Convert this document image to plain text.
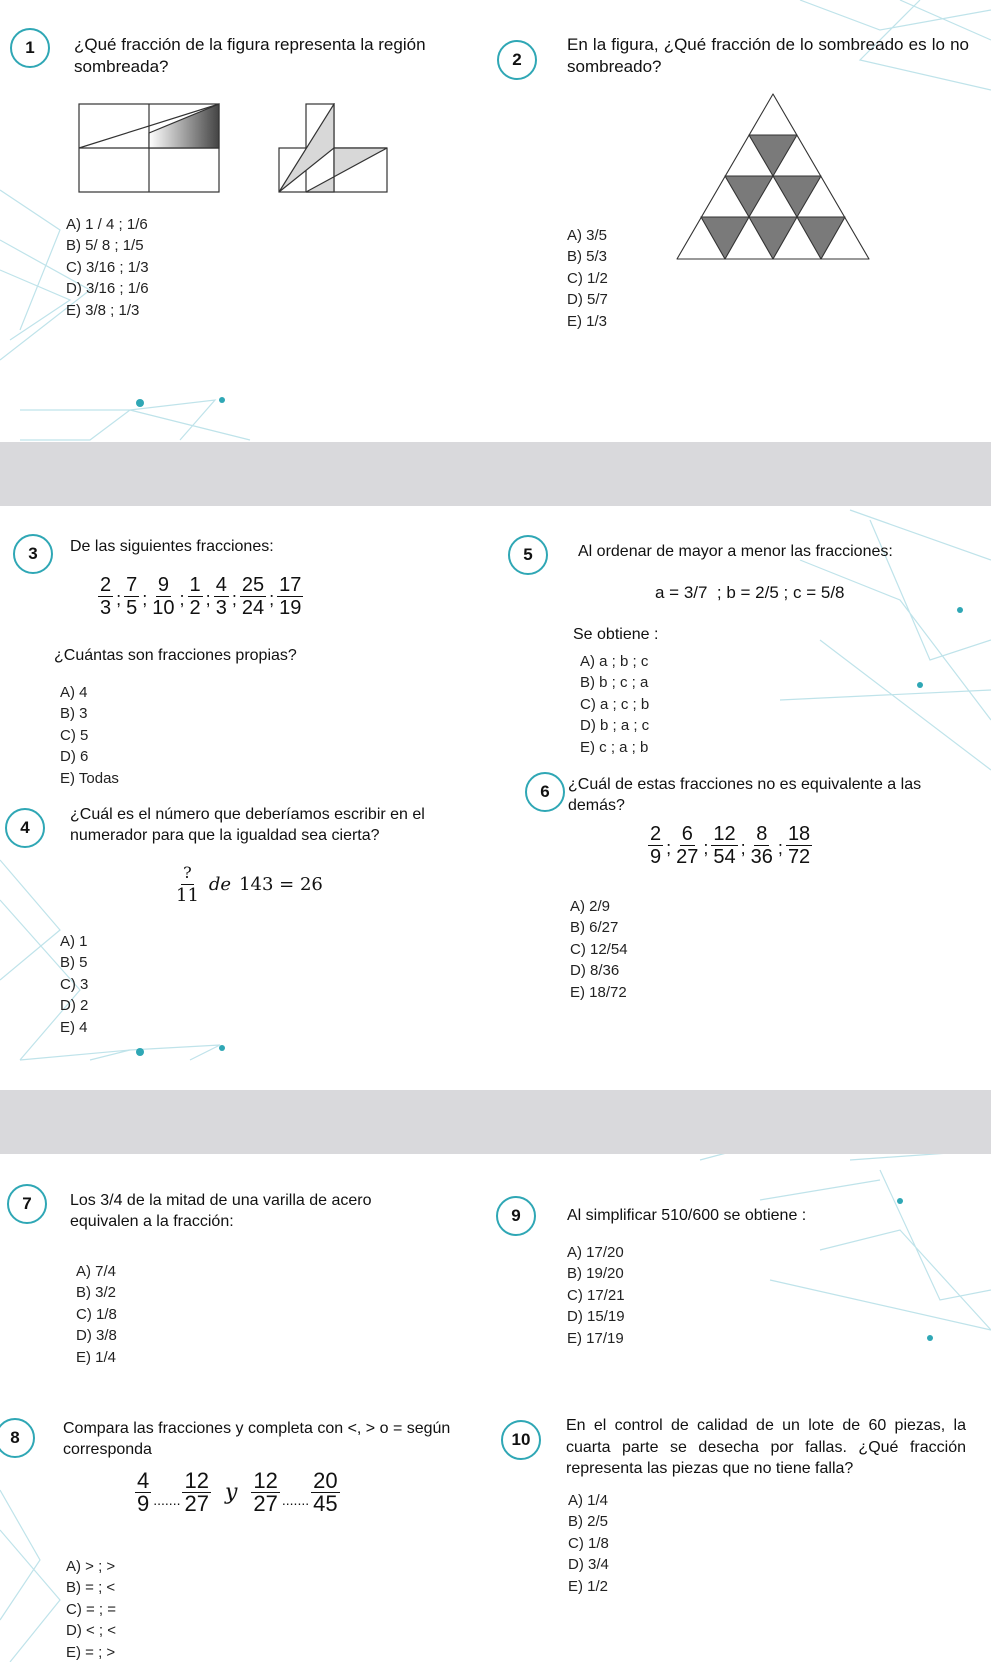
1	¿Qué fracción de la figura representa la región sombreada?
A) 1 / 4 ; 1/6
B) 5/ 8 ; 1/5
C) 3/16 ; 1/3
D) 3/16 ; 1/6
E) 3/8 ; 1/3
2
En la figura, ¿Qué fracción de lo sombreado es lo no sombreado?
A) 3/5
B) 5/3
C) 1/2
D) 5/7
E) 1/3
3	De las siguientes fracciones:
$\frac{2}{3}$ ; $\frac{7}{5}$ ; $\frac{9}{10}$ ; $\frac{1}{2}$ ; $\frac{4}{3}$ ; $\frac{25}{24}$ ; $\frac{17}{19}$
¿Cuántas son fracciones propias?
A) 4
B) 3
C) 5
D) 6
E) Todas
4
¿Cuál es el número que deberíamos escribir en el numerador para que la igualdad sea cierta?
$\frac{?}{11}$ de 143 = 26
A) 1
B) 5
C) 3
D) 2
E) 4
5	Al ordenar de mayor a menor las fracciones:
a = 3/7  ; b = 2/5 ; c = 5/8
Se obtiene :
A) a ; b ; c
B) b ; c ; a
C) a ; c ; b
D) b ; a ; c
E) c ; a ; b
6	¿Cuál de estas fracciones no es equivalente a las demás?
$\frac{2}{9}$ ; $\frac{6}{27}$ ; $\frac{12}{54}$ ; $\frac{8}{36}$ ; $\frac{18}{72}$
A) 2/9
B) 6/27
C) 12/54
D) 8/36
E) 18/72
7	Los 3/4 de la mitad de una varilla de acero equivalen a la fracción:
A) 7/4
B) 3/2
C) 1/8
D) 3/8
E) 1/4
9	Al simplificar 510/600 se obtiene :
A) 17/20
B) 19/20
C) 17/21
D) 15/19
E) 17/19
8	Compara las fracciones y completa con <, > o = según corresponda
$\frac{4}{9}$ ....... $\frac{12}{27}$ y $\frac{12}{27}$ ....... $\frac{20}{45}$
A) > ; >
B) = ; <
C) = ; =
D) < ; <
E) = ; >
10
En el control de calidad de un lote de 60 piezas, la cuarta parte se desecha por fallas. ¿Qué fracción representa las piezas que no tiene falla?
A) 1/4
B) 2/5
C) 1/8
D) 3/4
E) 1/2
